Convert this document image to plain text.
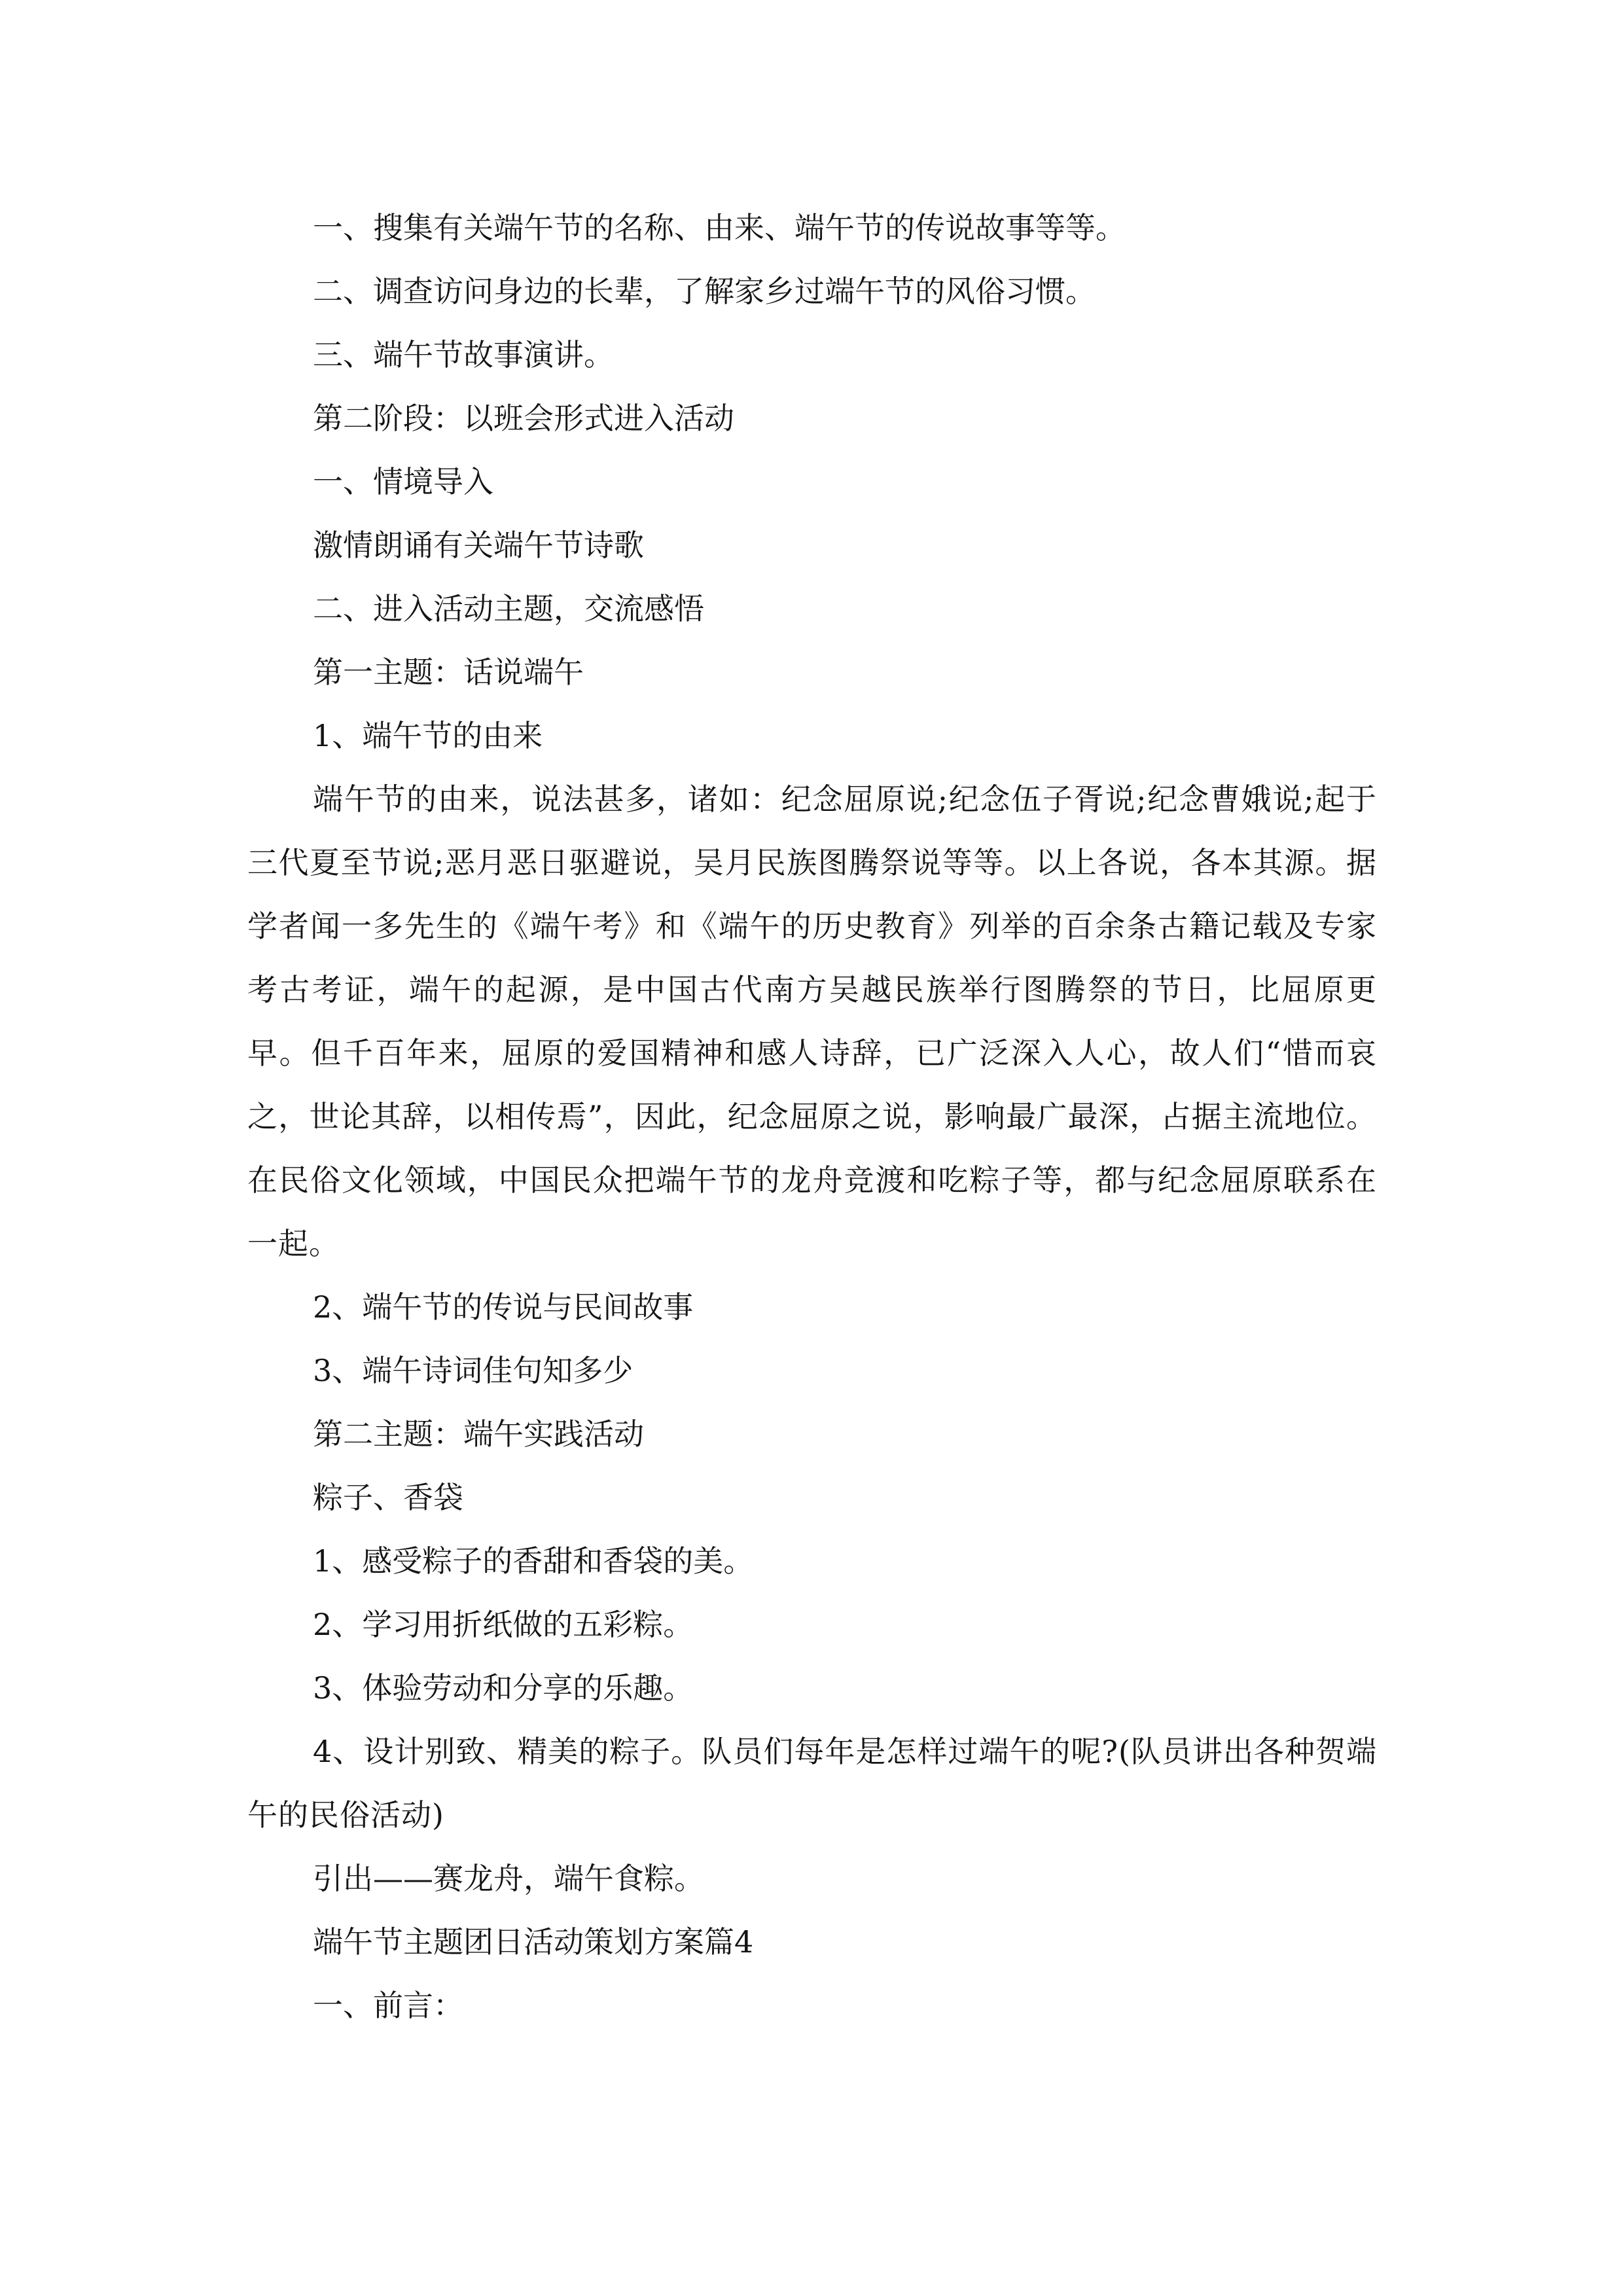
一、搜集有关端午节的名称、由来、端午节的传说故事等等。

二、调查访问身边的长辈，了解家乡过端午节的风俗习惯。

三、端午节故事演讲。

第二阶段：以班会形式进入活动

一、情境导入

激情朗诵有关端午节诗歌

二、进入活动主题，交流感悟

第一主题：话说端午

1、端午节的由来

端午节的由来，说法甚多，诸如：纪念屈原说;纪念伍子胥说;纪念曹娥说;起于三代夏至节说;恶月恶日驱避说，吴月民族图腾祭说等等。以上各说，各本其源。据学者闻一多先生的《端午考》和《端午的历史教育》列举的百余条古籍记载及专家考古考证，端午的起源，是中国古代南方吴越民族举行图腾祭的节日，比屈原更早。但千百年来，屈原的爱国精神和感人诗辞，已广泛深入人心，故人们“惜而哀之，世论其辞，以相传焉”，因此，纪念屈原之说，影响最广最深，占据主流地位。在民俗文化领域，中国民众把端午节的龙舟竞渡和吃粽子等，都与纪念屈原联系在一起。

2、端午节的传说与民间故事

3、端午诗词佳句知多少

第二主题：端午实践活动

粽子、香袋

1、感受粽子的香甜和香袋的美。

2、学习用折纸做的五彩粽。

3、体验劳动和分享的乐趣。

4、设计别致、精美的粽子。队员们每年是怎样过端午的呢?(队员讲出各种贺端午的民俗活动)

引出——赛龙舟，端午食粽。

端午节主题团日活动策划方案篇4

一、前言：
